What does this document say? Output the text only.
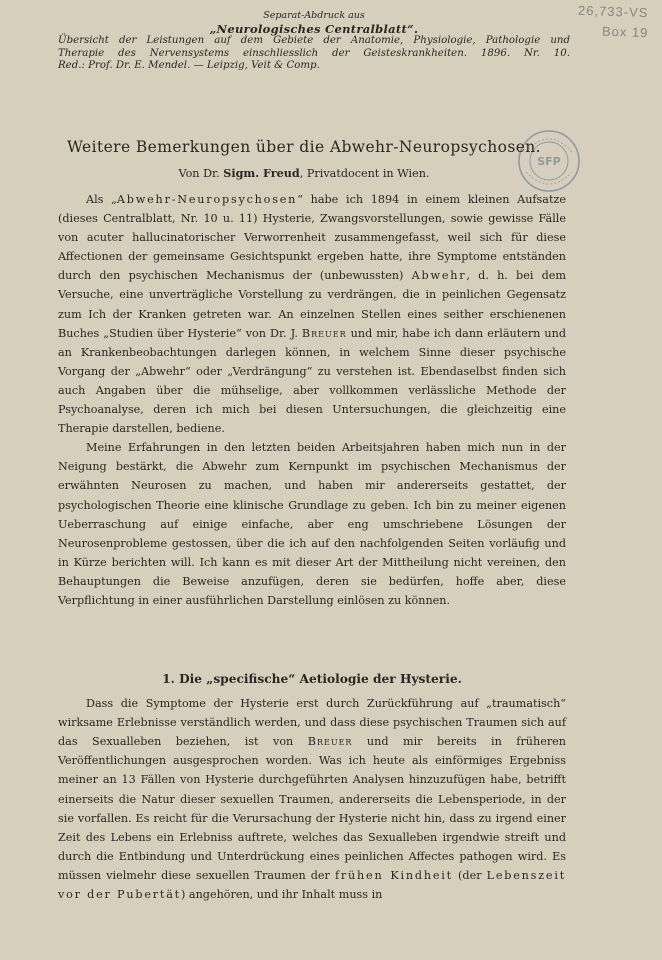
26,733-VS
Box 19
Separat-Abdruck aus
„Neurologisches Centralblatt“.
Übersicht der Leistungen auf dem Gebiete der Anatomie, Physiologie, Pathologie und
Therapie des Nervensystems einschliesslich der Geisteskrankheiten. 1896. Nr. 10.
Red.: Prof. Dr. E. Mendel. — Leipzig, Veit & Comp.
SFP
Weitere Bemerkungen über die Abwehr-Neuropsychosen.
Von Dr. Sigm. Freud, Privatdocent in Wien.

Als „Abwehr-Neuropsychosen“ habe ich 1894 in einem kleinen Aufsatze (dieses Centralblatt, Nr. 10 u. 11) Hysterie, Zwangsvorstellungen, sowie gewisse Fälle von acuter hallucinatorischer Verworrenheit zusammengefasst, weil sich für diese Affectionen der gemeinsame Gesichtspunkt ergeben hatte, ihre Symptome entständen durch den psychischen Mechanismus der (unbewussten) Abwehr, d. h. bei dem Versuche, eine unverträgliche Vorstellung zu verdrängen, die in peinlichen Gegensatz zum Ich der Kranken getreten war. An einzelnen Stellen eines seither erschienenen Buches „Studien über Hysterie“ von Dr. J. Breuer und mir, habe ich dann erläutern und an Krankenbeobachtungen darlegen können, in welchem Sinne dieser psychische Vorgang der „Abwehr“ oder „Verdrängung“ zu verstehen ist. Ebendaselbst finden sich auch Angaben über die mühselige, aber vollkommen verlässliche Methode der Psychoanalyse, deren ich mich bei diesen Untersuchungen, die gleichzeitig eine Therapie darstellen, bediene.

Meine Erfahrungen in den letzten beiden Arbeitsjahren haben mich nun in der Neigung bestärkt, die Abwehr zum Kernpunkt im psychischen Mechanismus der erwähnten Neurosen zu machen, und haben mir andererseits gestattet, der psychologischen Theorie eine klinische Grundlage zu geben. Ich bin zu meiner eigenen Ueberraschung auf einige einfache, aber eng umschriebene Lösungen der Neurosenprobleme gestossen, über die ich auf den nachfolgenden Seiten vorläufig und in Kürze berichten will. Ich kann es mit dieser Art der Mittheilung nicht vereinen, den Behauptungen die Beweise anzufügen, deren sie bedürfen, hoffe aber, diese Verpflichtung in einer ausführlichen Darstellung einlösen zu können.

1. Die „specifische“ Aetiologie der Hysterie.

Dass die Symptome der Hysterie erst durch Zurückführung auf „traumatisch“ wirksame Erlebnisse verständlich werden, und dass diese psychischen Traumen sich auf das Sexualleben beziehen, ist von Breuer und mir bereits in früheren Veröffentlichungen ausgesprochen worden. Was ich heute als einförmiges Ergebniss meiner an 13 Fällen von Hysterie durchgeführten Analysen hinzuzufügen habe, betrifft einerseits die Natur dieser sexuellen Traumen, andererseits die Lebensperiode, in der sie vorfallen. Es reicht für die Verursachung der Hysterie nicht hin, dass zu irgend einer Zeit des Lebens ein Erlebniss auftrete, welches das Sexualleben irgendwie streift und durch die Entbindung und Unterdrückung eines peinlichen Affectes pathogen wird. Es müssen vielmehr diese sexuellen Traumen der frühen Kindheit (der Lebenszeit vor der Pubertät) angehören, und ihr Inhalt muss in
